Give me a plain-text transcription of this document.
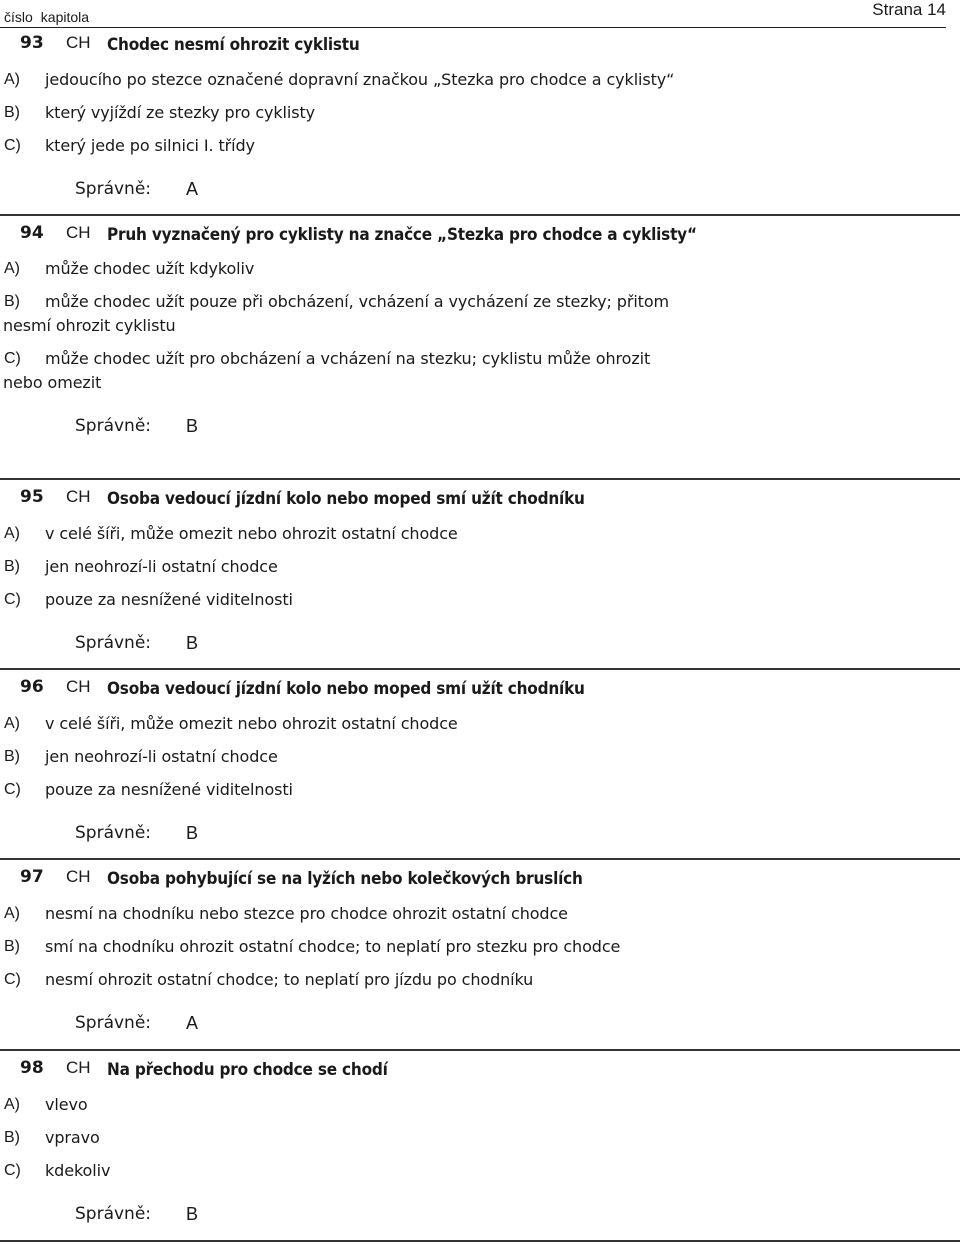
číslo kapitola	Strana 14
93 CH Chodec nesmí ohrozit cyklistu
A)	jedoucího po stezce označené dopravní značkou „Stezka pro chodce a cyklisty“
B)	který vyjíždí ze stezky pro cyklisty
C)	který jede po silnici I. třídy
Správně: A
94 CH Pruh vyznačený pro cyklisty na značce „Stezka pro chodce a cyklisty“
A)	může chodec užít kdykoliv
B)	může chodec užít pouze při obcházení, vcházení a vycházení ze stezky; přitom nesmí ohrozit cyklistu
C)	může chodec užít pro obcházení a vcházení na stezku; cyklistu může ohrozit nebo omezit
Správně: B
95 CH Osoba vedoucí jízdní kolo nebo moped smí užít chodníku
A)	v celé šíři, může omezit nebo ohrozit ostatní chodce
B)	jen neohrozí-li ostatní chodce
C)	pouze za nesnížené viditelnosti
Správně: B
96 CH Osoba vedoucí jízdní kolo nebo moped smí užít chodníku
A)	v celé šíři, může omezit nebo ohrozit ostatní chodce
B)	jen neohrozí-li ostatní chodce
C)	pouze za nesnížené viditelnosti
Správně: B
97 CH Osoba pohybující se na lyžích nebo kolečkových bruslích
A)	nesmí na chodníku nebo stezce pro chodce ohrozit ostatní chodce
B)	smí na chodníku ohrozit ostatní chodce; to neplatí pro stezku pro chodce
C)	nesmí ohrozit ostatní chodce; to neplatí pro jízdu po chodníku
Správně: A
98 CH Na přechodu pro chodce se chodí
A)	vlevo
B)	vpravo
C)	kdekoliv
Správně: B
